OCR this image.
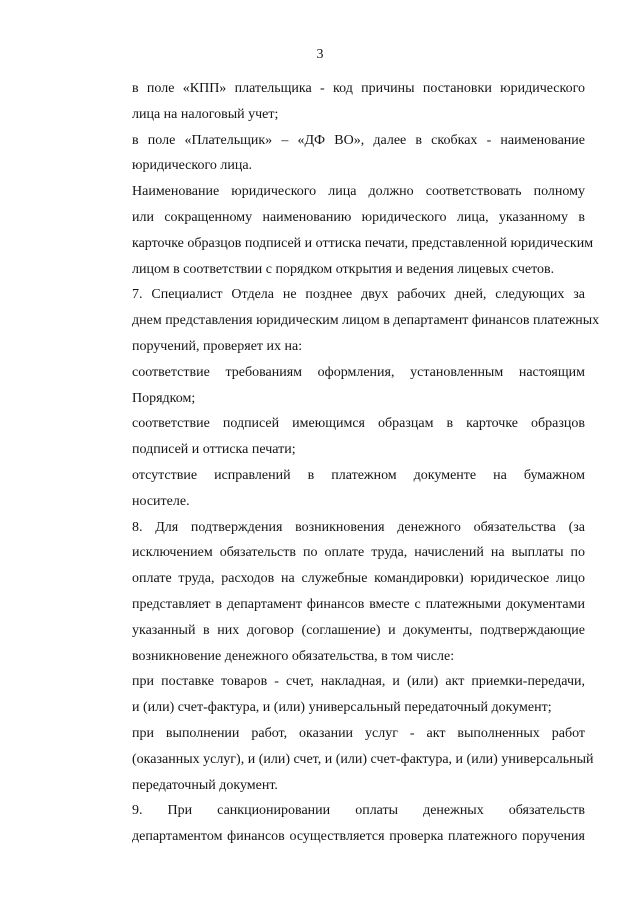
3

в поле «КПП» плательщика - код причины постановки юридического
лица на налоговый учет;

в поле «Плательщик» – «ДФ ВО», далее в скобках - наименование
юридического лица.

Наименование юридического лица должно соответствовать полному
или сокращенному наименованию юридического лица, указанному в
карточке образцов подписей и оттиска печати, представленной юридическим
лицом в соответствии с порядком открытия и ведения лицевых счетов.

7. Специалист Отдела не позднее двух рабочих дней, следующих за
днем представления юридическим лицом в департамент финансов платежных
поручений, проверяет их на:

соответствие требованиям оформления, установленным настоящим
Порядком;

соответствие подписей имеющимся образцам в карточке образцов
подписей и оттиска печати;

отсутствие исправлений в платежном документе на бумажном
носителе.

8. Для подтверждения возникновения денежного обязательства (за
исключением обязательств по оплате труда, начислений на выплаты по
оплате труда, расходов на служебные командировки) юридическое лицо
представляет в департамент финансов вместе с платежными документами
указанный в них договор (соглашение) и документы, подтверждающие
возникновение денежного обязательства, в том числе:

при поставке товаров - счет, накладная, и (или) акт приемки-передачи,
и (или) счет-фактура, и (или) универсальный передаточный документ;

при выполнении работ, оказании услуг - акт выполненных работ
(оказанных услуг), и (или) счет, и (или) счет-фактура, и (или) универсальный
передаточный документ.

9. При санкционировании оплаты денежных обязательств
департаментом финансов осуществляется проверка платежного поручения
